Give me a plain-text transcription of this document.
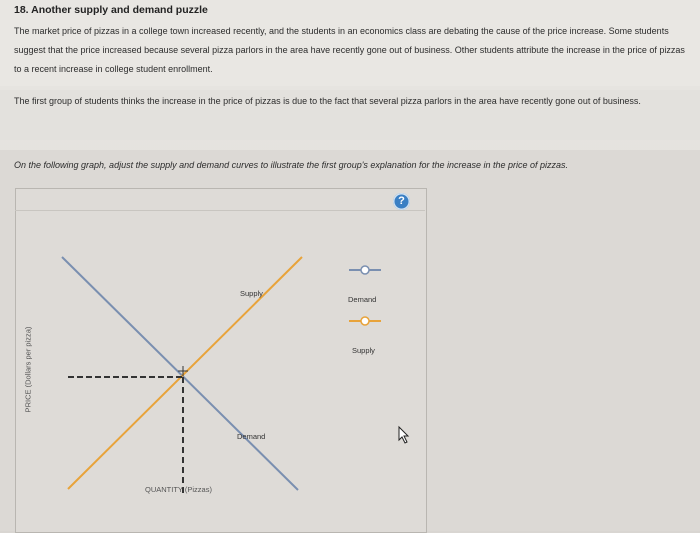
18. Another supply and demand puzzle
The market price of pizzas in a college town increased recently, and the students in an economics class are debating the cause of the price increase. Some students suggest that the price increased because several pizza parlors in the area have recently gone out of business. Other students attribute the increase in the price of pizzas to a recent increase in college student enrollment.
The first group of students thinks the increase in the price of pizzas is due to the fact that several pizza parlors in the area have recently gone out of business.
On the following graph, adjust the supply and demand curves to illustrate the first group's explanation for the increase in the price of pizzas.
?
Supply
Demand
Demand
Supply
PRICE (Dollars per pizza)
QUANTITY (Pizzas)
